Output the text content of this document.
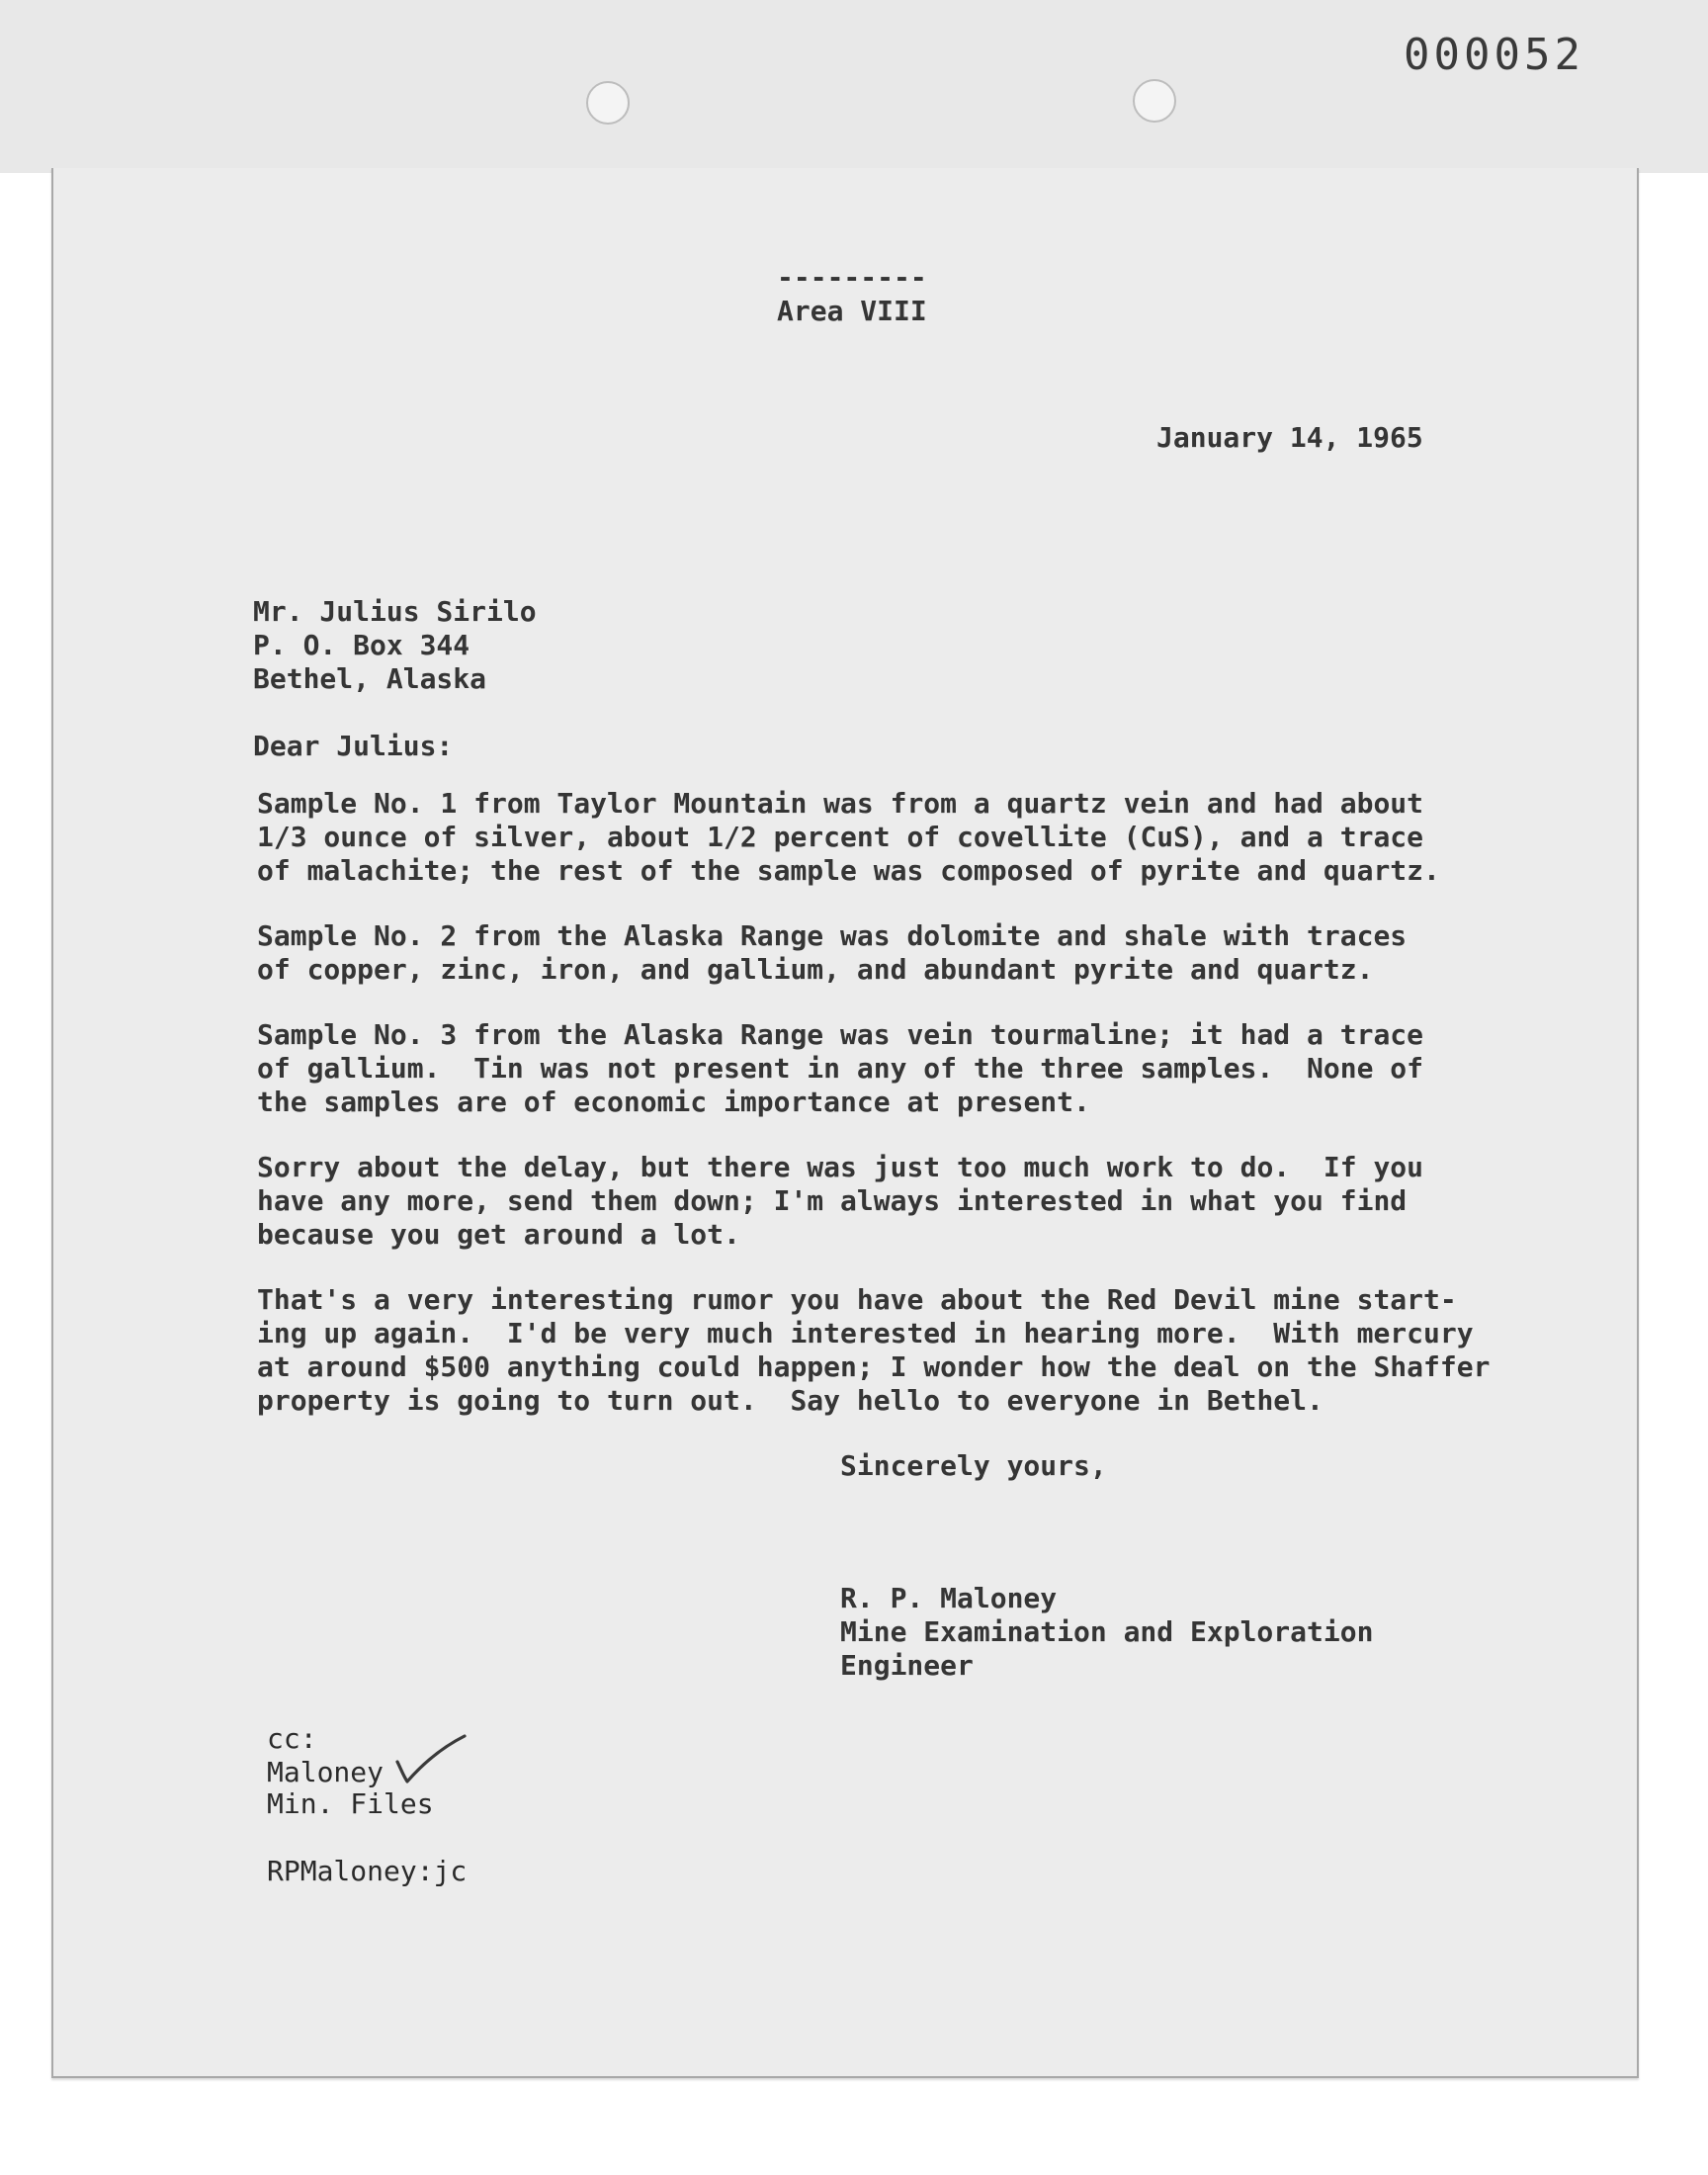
000052
---------
Area VIII
January 14, 1965
Mr. Julius Sirilo
P. O. Box 344
Bethel, Alaska
Dear Julius:
Sample No. 1 from Taylor Mountain was from a quartz vein and had about
1/3 ounce of silver, about 1/2 percent of covellite (CuS), and a trace
of malachite; the rest of the sample was composed of pyrite and quartz.
Sample No. 2 from the Alaska Range was dolomite and shale with traces
of copper, zinc, iron, and gallium, and abundant pyrite and quartz.
Sample No. 3 from the Alaska Range was vein tourmaline; it had a trace
of gallium.  Tin was not present in any of the three samples.  None of
the samples are of economic importance at present.
Sorry about the delay, but there was just too much work to do.  If you
have any more, send them down; I'm always interested in what you find
because you get around a lot.
That's a very interesting rumor you have about the Red Devil mine start-
ing up again.  I'd be very much interested in hearing more.  With mercury
at around $500 anything could happen; I wonder how the deal on the Shaffer
property is going to turn out.  Say hello to everyone in Bethel.
Sincerely yours,
R. P. Maloney
Mine Examination and Exploration
Engineer
cc:
Maloney
Min. Files
RPMaloney:jc
